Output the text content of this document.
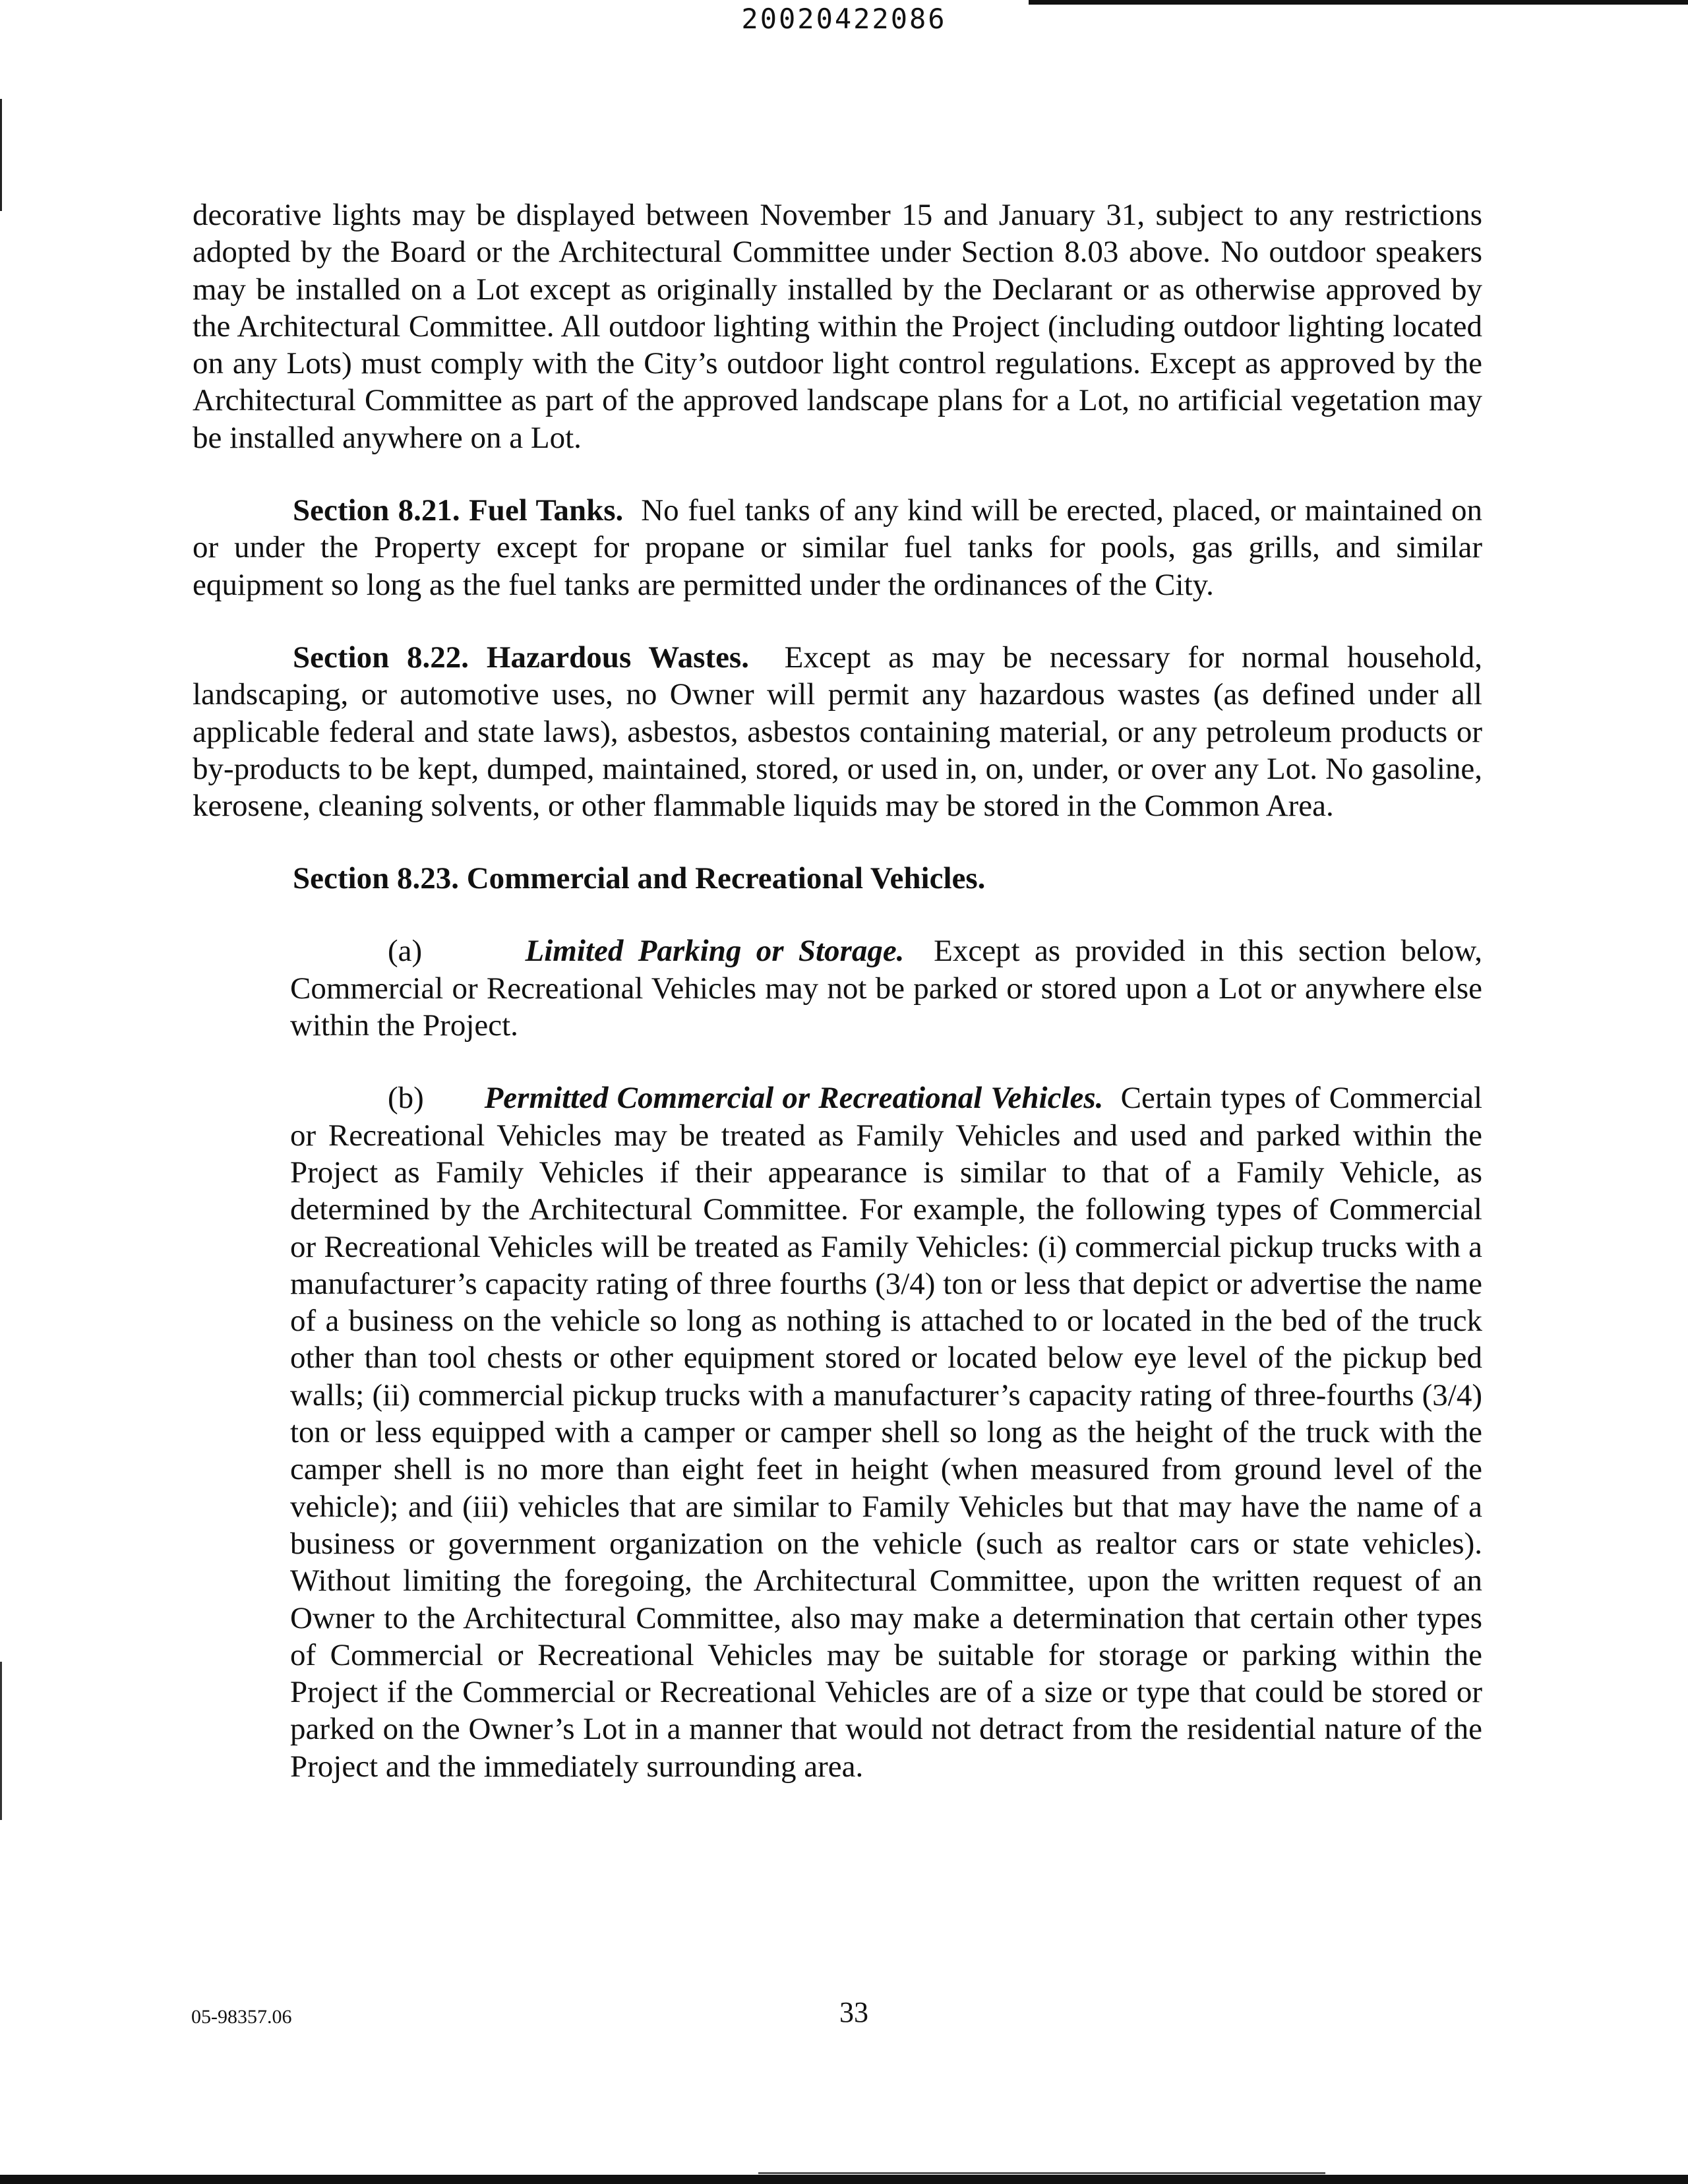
20020422086

decorative lights may be displayed between November 15 and January 31, subject to any restrictions adopted by the Board or the Architectural Committee under Section 8.03 above. No outdoor speakers may be installed on a Lot except as originally installed by the Declarant or as otherwise approved by the Architectural Committee. All outdoor lighting within the Project (including outdoor lighting located on any Lots) must comply with the City’s outdoor light control regulations. Except as approved by the Architectural Committee as part of the approved landscape plans for a Lot, no artificial vegetation may be installed anywhere on a Lot.

Section 8.21. Fuel Tanks. No fuel tanks of any kind will be erected, placed, or maintained on or under the Property except for propane or similar fuel tanks for pools, gas grills, and similar equipment so long as the fuel tanks are permitted under the ordinances of the City.

Section 8.22. Hazardous Wastes. Except as may be necessary for normal household, landscaping, or automotive uses, no Owner will permit any hazardous wastes (as defined under all applicable federal and state laws), asbestos, asbestos containing material, or any petroleum products or by-products to be kept, dumped, maintained, stored, or used in, on, under, or over any Lot. No gasoline, kerosene, cleaning solvents, or other flammable liquids may be stored in the Common Area.

Section 8.23. Commercial and Recreational Vehicles.

(a)	Limited Parking or Storage. Except as provided in this section below, Commercial or Recreational Vehicles may not be parked or stored upon a Lot or anywhere else within the Project.

(b) Permitted Commercial or Recreational Vehicles. Certain types of Commercial or Recreational Vehicles may be treated as Family Vehicles and used and parked within the Project as Family Vehicles if their appearance is similar to that of a Family Vehicle, as determined by the Architectural Committee. For example, the following types of Commercial or Recreational Vehicles will be treated as Family Vehicles: (i) commercial pickup trucks with a manufacturer’s capacity rating of three fourths (3/4) ton or less that depict or advertise the name of a business on the vehicle so long as nothing is attached to or located in the bed of the truck other than tool chests or other equipment stored or located below eye level of the pickup bed walls; (ii) commercial pickup trucks with a manufacturer’s capacity rating of three-fourths (3/4) ton or less equipped with a camper or camper shell so long as the height of the truck with the camper shell is no more than eight feet in height (when measured from ground level of the vehicle); and (iii) vehicles that are similar to Family Vehicles but that may have the name of a business or government organization on the vehicle (such as realtor cars or state vehicles). Without limiting the foregoing, the Architectural Committee, upon the written request of an Owner to the Architectural Committee, also may make a determination that certain other types of Commercial or Recreational Vehicles may be suitable for storage or parking within the Project if the Commercial or Recreational Vehicles are of a size or type that could be stored or parked on the Owner’s Lot in a manner that would not detract from the residential nature of the Project and the immediately surrounding area.

05-98357.06	33
